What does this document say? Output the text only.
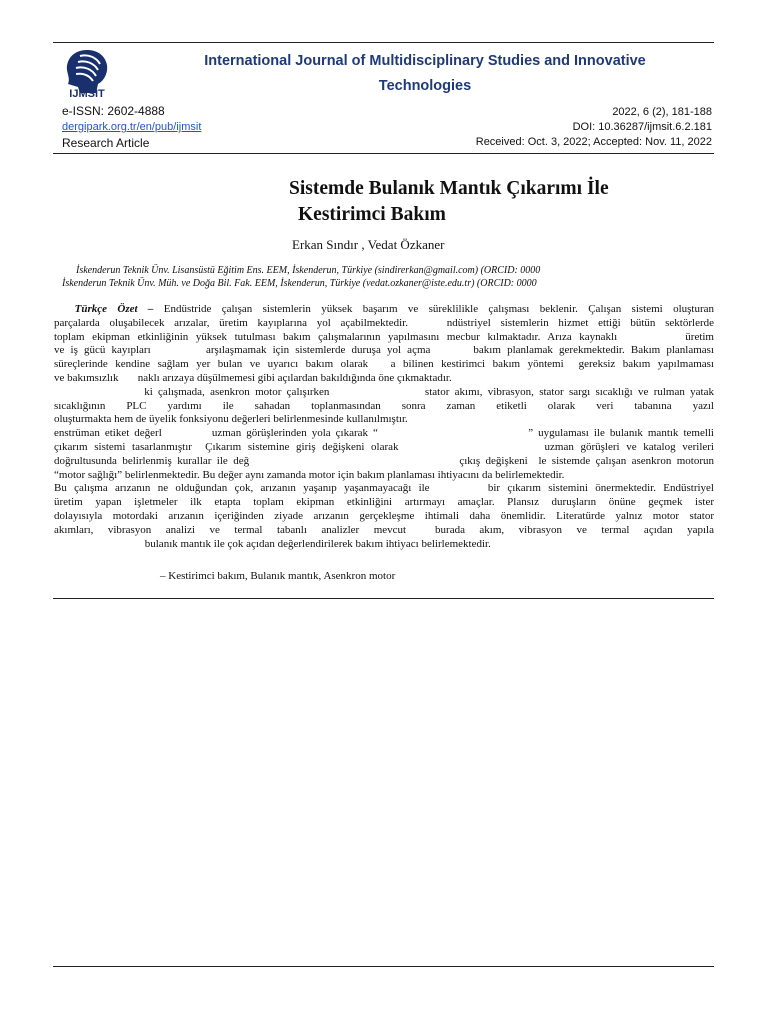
IJMSIT
International Journal of Multidisciplinary Studies and Innovative
Technologies
e-ISSN: 2602-4888
dergipark.org.tr/en/pub/ijmsit
Research Article
2022, 6 (2), 181-188
DOI: 10.36287/ijmsit.6.2.181
Received: Oct. 3, 2022; Accepted: Nov. 11, 2022
Sistemde Bulanık Mantık Çıkarımı İle
Kestirimci Bakım
Erkan Sındır , Vedat Özkaner
İskenderun Teknik Ünv. Lisansüstü Eğitim Ens. EEM, İskenderun, Türkiye (sindirerkan@gmail.com) (ORCID: 0000
İskenderun Teknik Ünv. Müh. ve Doğa Bil. Fak. EEM, İskenderun, Türkiye (vedat.ozkaner@iste.edu.tr) (ORCID: 0000
Türkçe Özet – Endüstride çalışan sistemlerin yüksek başarım ve süreklilikle çalışması beklenir. Çalışan sistemi oluşturan
parçalarda oluşabilecek arızalar, üretim kayıplarına yol açabilmektedir.    ndüstriyel sistemlerin hizmet ettiği bütün sektörlerde
toplam ekipman etkinliğinin yüksek tutulması bakım çalışmalarının yapılmasını mecbur kılmaktadır. Arıza kaynaklı         üretim
ve iş gücü kayıpları         arşılaşmamak için sistemlerde duruşa yol açma       bakım planlamak gerekmektedir. Bakım planlaması
süreçlerinde kendine sağlam yer bulan ve uyarıcı bakım olarak   a bilinen kestirimci bakım yöntemi  gereksiz bakım yapılmaması
ve bakımsızlık       naklı arızaya düşülmemesi gibi açılardan bakıldığında öne çıkmaktadır.
ki çalışmada, asenkron motor çalışırken                  stator akımı, vibrasyon, stator sargı sıcaklığı ve rulman yatak
sıcaklığının PLC yardımı ile sahadan toplanmasından sonra zaman etiketli olarak veri tabanına yazıl
oluşturmakta hem de üyelik fonksiyonu değerleri belirlenmesinde kullanılmıştır.
enstrüman etiket değerl          uzman görüşlerinden yola çıkarak “                              ” uygulaması ile bulanık mantık temelli
çıkarım sistemi tasarlanmıştır  Çıkarım sistemine giriş değişkeni olarak                      uzman görüşleri ve katalog verileri
doğrultusunda belirlenmiş kurallar ile değ                                       çıkış değişkeni  le sistemde çalışan asenkron motorun
“motor sağlığı” belirlenmektedir. Bu değer aynı zamanda motor için bakım planlaması ihtiyacını da belirlemektedir.
Bu çalışma arızanın ne olduğundan çok, arızanın yaşanıp yaşanmayacağı ile        bir çıkarım sistemini önermektedir. Endüstriyel
üretim yapan işletmeler ilk etapta toplam ekipman etkinliğini artırmayı amaçlar. Plansız duruşların önüne geçmek ister
dolayısıyla motordaki arızanın içeriğinden ziyade arızanın gerçekleşme ihtimali daha önemlidir. Literatürde yalnız motor stator
akımları, vibrasyon analizi ve termal tabanlı analizler mevcut  burada akım, vibrasyon ve termal açıdan yapıla
bulanık mantık ile çok açıdan değerlendirilerek bakım ihtiyacı belirlemektedir.
– Kestirimci bakım, Bulanık mantık, Asenkron motor
